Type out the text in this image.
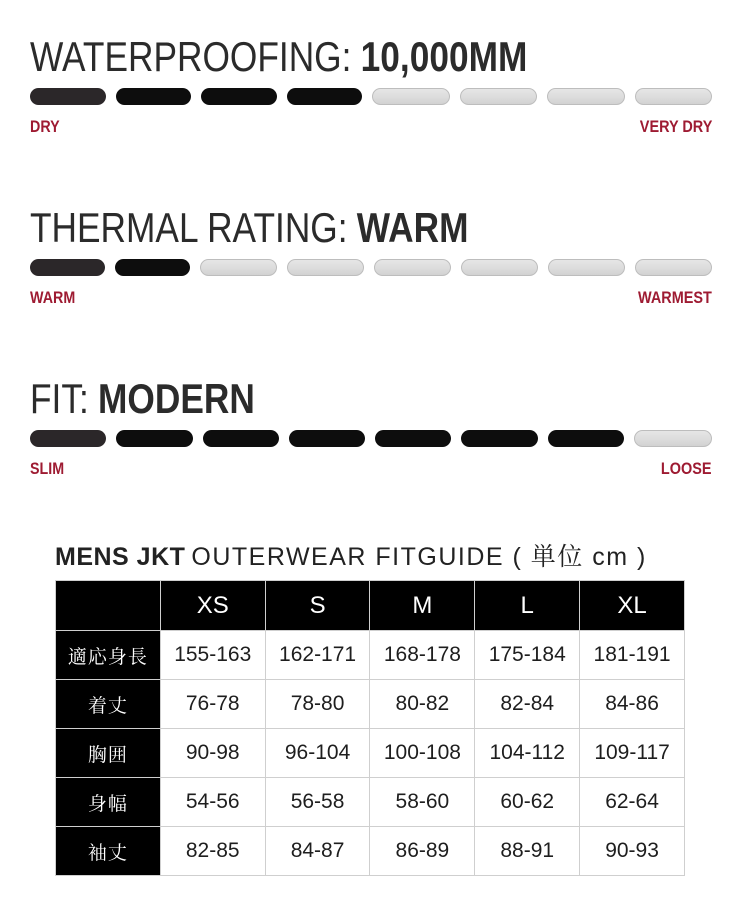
WATERPROOFING: 10,000MM
DRY	VERY DRY
THERMAL RATING: WARM
WARM	WARMEST
FIT: MODERN
SLIM	LOOSE
MENS JKT OUTERWEAR FITGUIDE ( 単位 cm )
	XS	S	M	L	XL
適応身長	155-163	162-171	168-178	175-184	181-191
着丈	76-78	78-80	80-82	82-84	84-86
胸囲	90-98	96-104	100-108	104-112	109-117
身幅	54-56	56-58	58-60	60-62	62-64
袖丈	82-85	84-87	86-89	88-91	90-93
